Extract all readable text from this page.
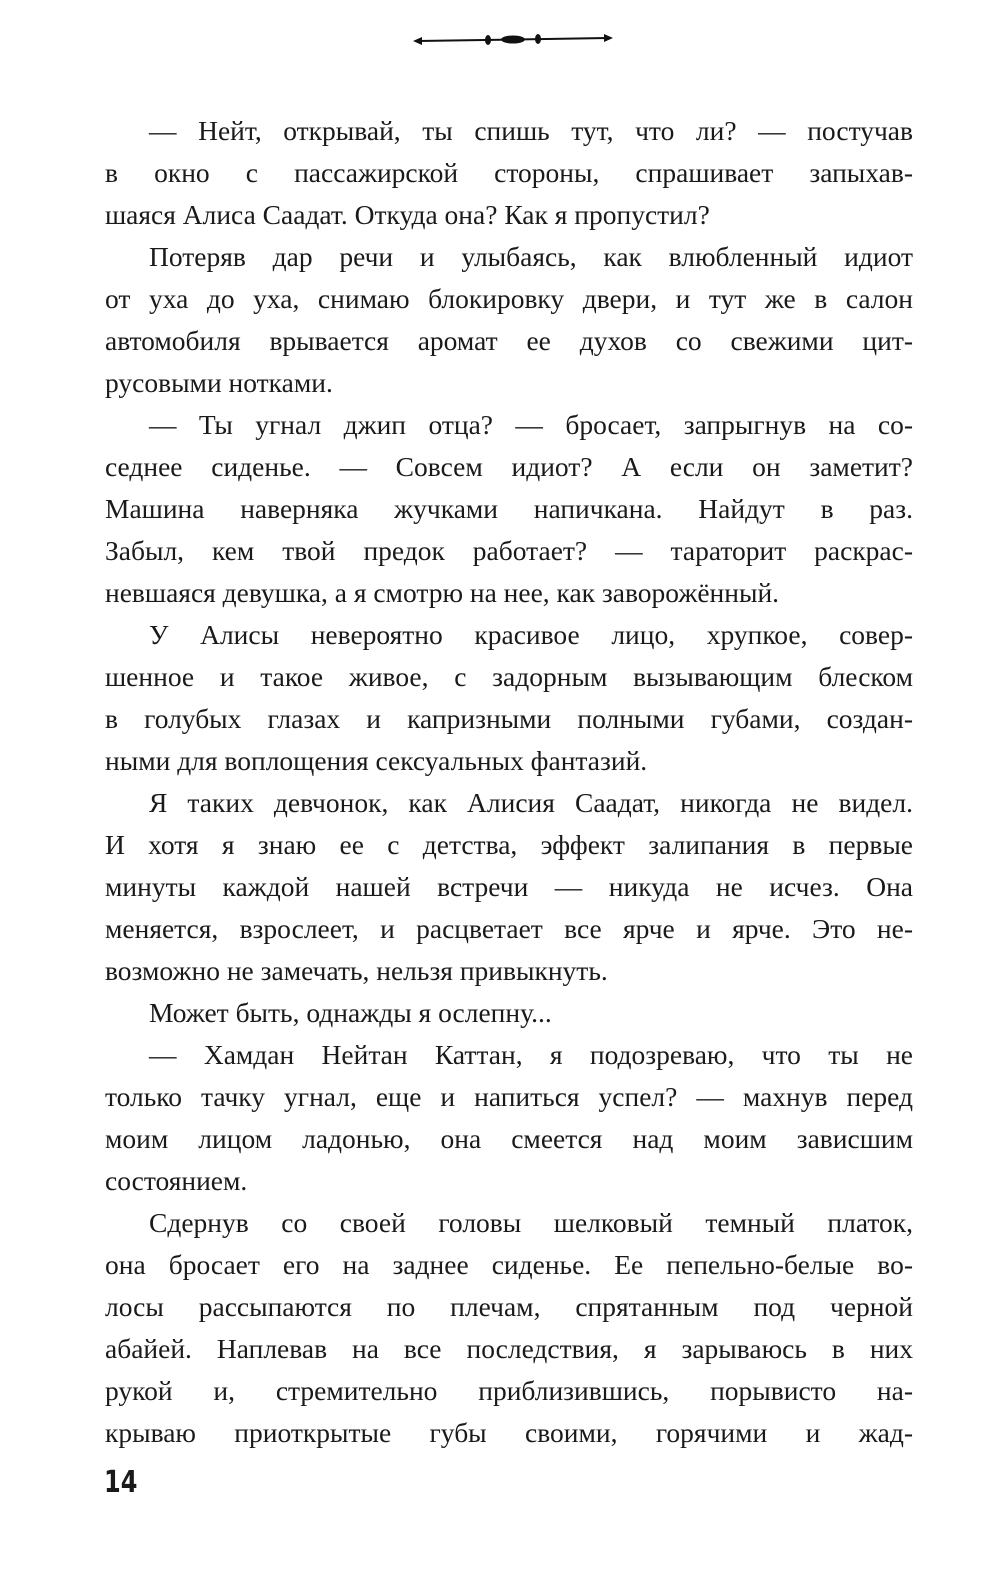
— Нейт, открывай, ты спишь тут, что ли? — постучав
в окно с пассажирской стороны, спрашивает запыхав-
шаяся Алиса Саадат. Откуда она? Как я пропустил?
Потеряв дар речи и улыбаясь, как влюбленный идиот
от уха до уха, снимаю блокировку двери, и тут же в салон
автомобиля врывается аромат ее духов со свежими цит-
русовыми нотками.
— Ты угнал джип отца? — бросает, запрыгнув на со-
седнее сиденье. — Совсем идиот? А если он заметит?
Машина наверняка жучками напичкана. Найдут в раз.
Забыл, кем твой предок работает? — тараторит раскрас-
невшаяся девушка, а я смотрю на нее, как заворожённый.
У Алисы невероятно красивое лицо, хрупкое, совер-
шенное и такое живое, с задорным вызывающим блеском
в голубых глазах и капризными полными губами, создан-
ными для воплощения сексуальных фантазий.
Я таких девчонок, как Алисия Саадат, никогда не видел.
И хотя я знаю ее с детства, эффект залипания в первые
минуты каждой нашей встречи — никуда не исчез. Она
меняется, взрослеет, и расцветает все ярче и ярче. Это не-
возможно не замечать, нельзя привыкнуть.
Может быть, однажды я ослепну...
— Хамдан Нейтан Каттан, я подозреваю, что ты не
только тачку угнал, еще и напиться успел? — махнув перед
моим лицом ладонью, она смеется над моим зависшим
состоянием.
Сдернув со своей головы шелковый темный платок,
она бросает его на заднее сиденье. Ее пепельно-белые во-
лосы рассыпаются по плечам, спрятанным под черной
абайей. Наплевав на все последствия, я зарываюсь в них
рукой и, стремительно приблизившись, порывисто на-
крываю приоткрытые губы своими, горячими и жад-
14
